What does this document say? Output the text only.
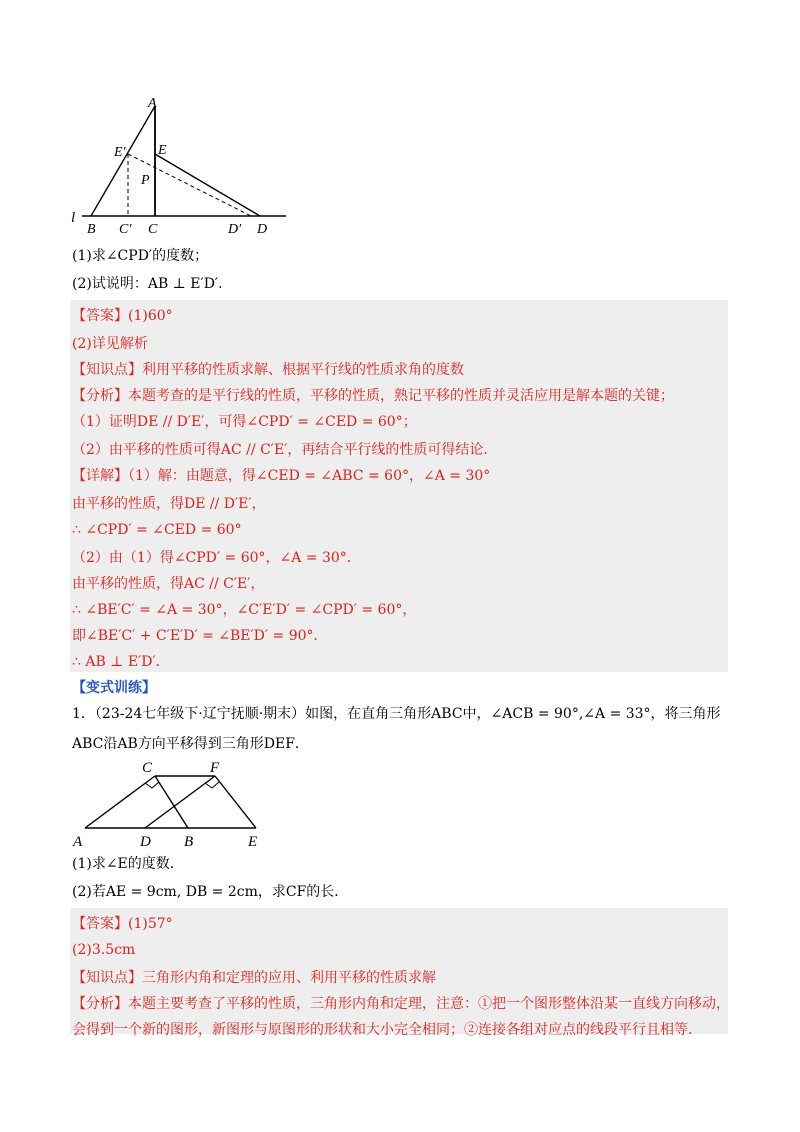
A
E′ E
P
l
B C′ C	D′ D
(1)求∠CPD′的度数；
(2)试说明：AB ⊥ E′D′．
【答案】(1)60°
(2)详见解析
【知识点】利用平移的性质求解、根据平行线的性质求角的度数
【分析】本题考查的是平行线的性质，平移的性质，熟记平移的性质并灵活应用是解本题的关键；
（1）证明DE // D′E′，可得∠CPD′ = ∠CED = 60°；
（2）由平移的性质可得AC // C′E′，再结合平行线的性质可得结论．
【详解】（1）解：由题意，得∠CED = ∠ABC = 60°，∠A = 30°
由平移的性质，得DE // D′E′，
∴ ∠CPD′ = ∠CED = 60°
（2）由（1）得∠CPD′ = 60°，∠A = 30°．
由平移的性质，得AC // C′E′，
∴ ∠BE′C′ = ∠A = 30°，∠C′E′D′ = ∠CPD′ = 60°，
即∠BE′C′ + C′E′D′ = ∠BE′D′ = 90°．
∴ AB ⊥ E′D′．
【变式训练】
1．（23-24七年级下·辽宁抚顺·期末）如图，在直角三角形ABC中，∠ACB = 90°,∠A = 33°，将三角形
ABC沿AB方向平移得到三角形DEF．
C	F
A	D B	E
(1)求∠E的度数．
(2)若AE = 9cm, DB = 2cm，求CF的长．
【答案】(1)57°
(2)3.5cm
【知识点】三角形内角和定理的应用、利用平移的性质求解
【分析】本题主要考查了平移的性质，三角形内角和定理，注意：①把一个图形整体沿某一直线方向移动，
会得到一个新的图形，新图形与原图形的形状和大小完全相同；②连接各组对应点的线段平行且相等．
